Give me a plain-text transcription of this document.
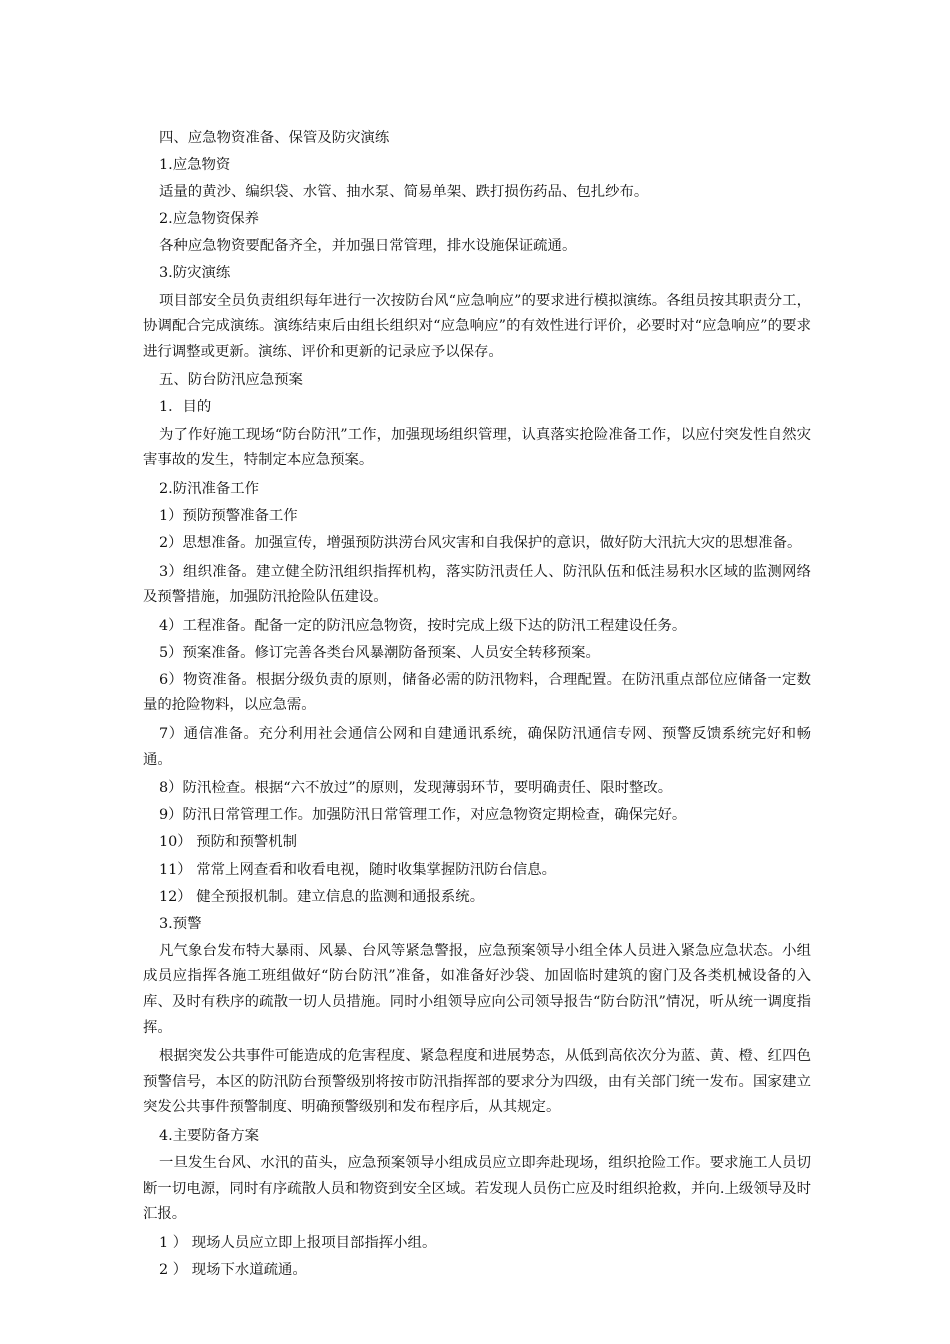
四、应急物资准备、保管及防灾演练

1.应急物资

适量的黄沙、编织袋、水管、抽水泵、简易单架、跌打损伤药品、包扎纱布。

2.应急物资保养

各种应急物资要配备齐全，并加强日常管理，排水设施保证疏通。

3.防灾演练

项目部安全员负责组织每年进行一次按防台风“应急响应”的要求进行模拟演练。各组员按其职责分工，协调配合完成演练。演练结束后由组长组织对“应急响应”的有效性进行评价，必要时对“应急响应”的要求进行调整或更新。演练、评价和更新的记录应予以保存。

五、防台防汛应急预案

1．目的

为了作好施工现场“防台防汛”工作，加强现场组织管理，认真落实抢险准备工作，以应付突发性自然灾害事故的发生，特制定本应急预案。

2.防汛准备工作

1）预防预警准备工作

2）思想准备。加强宣传，增强预防洪涝台风灾害和自我保护的意识，做好防大汛抗大灾的思想准备。

3）组织准备。建立健全防汛组织指挥机构，落实防汛责任人、防汛队伍和低洼易积水区域的监测网络及预警措施，加强防汛抢险队伍建设。

4）工程准备。配备一定的防汛应急物资，按时完成上级下达的防汛工程建设任务。

5）预案准备。修订完善各类台风暴潮防备预案、人员安全转移预案。

6）物资准备。根据分级负责的原则，储备必需的防汛物料，合理配置。在防汛重点部位应储备一定数量的抢险物料，以应急需。

7）通信准备。充分利用社会通信公网和自建通讯系统，确保防汛通信专网、预警反馈系统完好和畅通。

8）防汛检查。根据“六不放过”的原则，发现薄弱环节，要明确责任、限时整改。

9）防汛日常管理工作。加强防汛日常管理工作，对应急物资定期检查，确保完好。

10） 预防和预警机制

11） 常常上网查看和收看电视，随时收集掌握防汛防台信息。

12） 健全预报机制。建立信息的监测和通报系统。

3.预警

凡气象台发布特大暴雨、风暴、台风等紧急警报，应急预案领导小组全体人员进入紧急应急状态。小组成员应指挥各施工班组做好“防台防汛”准备，如准备好沙袋、加固临时建筑的窗门及各类机械设备的入库、及时有秩序的疏散一切人员措施。同时小组领导应向公司领导报告“防台防汛”情况，听从统一调度指挥。

根据突发公共事件可能造成的危害程度、紧急程度和进展势态，从低到高依次分为蓝、黄、橙、红四色预警信号，本区的防汛防台预警级别将按市防汛指挥部的要求分为四级，由有关部门统一发布。国家建立突发公共事件预警制度、明确预警级别和发布程序后，从其规定。

4.主要防备方案

一旦发生台风、水汛的苗头，应急预案领导小组成员应立即奔赴现场，组织抢险工作。要求施工人员切断一切电源，同时有序疏散人员和物资到安全区域。若发现人员伤亡应及时组织抢救，并向.上级领导及时汇报。

1 ） 现场人员应立即上报项目部指挥小组。

2 ） 现场下水道疏通。
